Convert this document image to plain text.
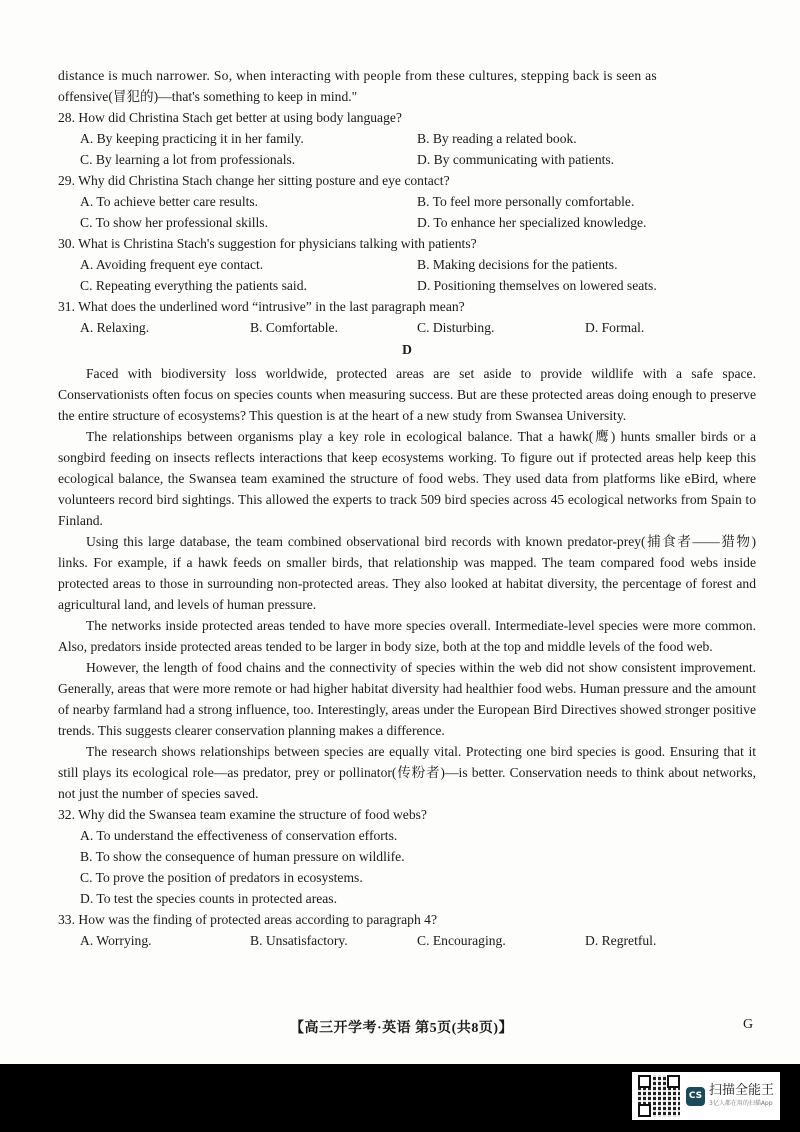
distance is much narrower. So, when interacting with people from these cultures, stepping back is seen as
offensive(冒犯的)—that's something to keep in mind."
28. How did Christina Stach get better at using body language?
A. By keeping practicing it in her family.	B. By reading a related book.
C. By learning a lot from professionals.	D. By communicating with patients.
29. Why did Christina Stach change her sitting posture and eye contact?
A. To achieve better care results.	B. To feel more personally comfortable.
C. To show her professional skills.	D. To enhance her specialized knowledge.
30. What is Christina Stach's suggestion for physicians talking with patients?
A. Avoiding frequent eye contact.	B. Making decisions for the patients.
C. Repeating everything the patients said.	D. Positioning themselves on lowered seats.
31. What does the underlined word “intrusive” in the last paragraph mean?
A. Relaxing.	B. Comfortable.	C. Disturbing.	D. Formal.
D

Faced with biodiversity loss worldwide, protected areas are set aside to provide wildlife with a safe space. Conservationists often focus on species counts when measuring success. But are these protected areas doing enough to preserve the entire structure of ecosystems? This question is at the heart of a new study from Swansea University.

The relationships between organisms play a key role in ecological balance. That a hawk(鹰) hunts smaller birds or a songbird feeding on insects reflects interactions that keep ecosystems working. To figure out if protected areas help keep this ecological balance, the Swansea team examined the structure of food webs. They used data from platforms like eBird, where volunteers record bird sightings. This allowed the experts to track 509 bird species across 45 ecological networks from Spain to Finland.

Using this large database, the team combined observational bird records with known predator-prey(捕食者——猎物) links. For example, if a hawk feeds on smaller birds, that relationship was mapped. The team compared food webs inside protected areas to those in surrounding non-protected areas. They also looked at habitat diversity, the percentage of forest and agricultural land, and levels of human pressure.

The networks inside protected areas tended to have more species overall. Intermediate-level species were more common. Also, predators inside protected areas tended to be larger in body size, both at the top and middle levels of the food web.

However, the length of food chains and the connectivity of species within the web did not show consistent improvement. Generally, areas that were more remote or had higher habitat diversity had healthier food webs. Human pressure and the amount of nearby farmland had a strong influence, too. Interestingly, areas under the European Bird Directives showed stronger positive trends. This suggests clearer conservation planning makes a difference.

The research shows relationships between species are equally vital. Protecting one bird species is good. Ensuring that it still plays its ecological role—as predator, prey or pollinator(传粉者)—is better. Conservation needs to think about networks, not just the number of species saved.

32. Why did the Swansea team examine the structure of food webs?
A. To understand the effectiveness of conservation efforts.
B. To show the consequence of human pressure on wildlife.
C. To prove the position of predators in ecosystems.
D. To test the species counts in protected areas.
33. How was the finding of protected areas according to paragraph 4?
A. Worrying.	B. Unsatisfactory.	C. Encouraging.	D. Regretful.
【高三开学考·英语 第5页(共8页)】	G
CS 扫描全能王
3亿人都在用的扫描App
